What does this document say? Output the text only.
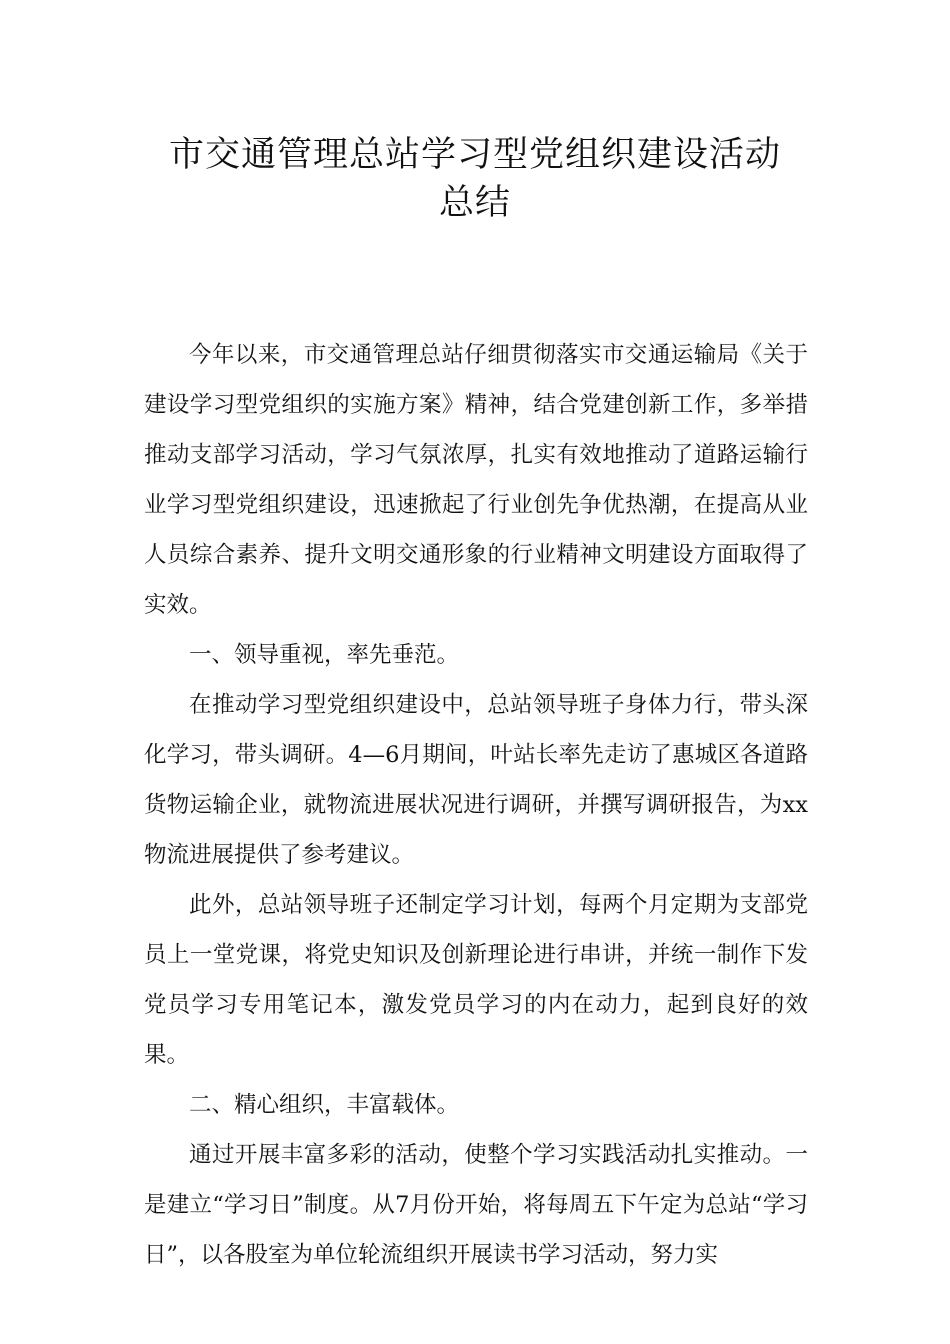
市交通管理总站学习型党组织建设活动
总结

今年以来，市交通管理总站仔细贯彻落实市交通运输局《关于建设学习型党组织的实施方案》精神，结合党建创新工作，多举措推动支部学习活动，学习气氛浓厚，扎实有效地推动了道路运输行业学习型党组织建设，迅速掀起了行业创先争优热潮，在提高从业人员综合素养、提升文明交通形象的行业精神文明建设方面取得了实效。

一、领导重视，率先垂范。

在推动学习型党组织建设中，总站领导班子身体力行，带头深化学习，带头调研。4—6月期间，叶站长率先走访了惠城区各道路货物运输企业，就物流进展状况进行调研，并撰写调研报告，为xx物流进展提供了参考建议。

此外，总站领导班子还制定学习计划，每两个月定期为支部党员上一堂党课，将党史知识及创新理论进行串讲，并统一制作下发党员学习专用笔记本，激发党员学习的内在动力，起到良好的效果。

二、精心组织，丰富载体。

通过开展丰富多彩的活动，使整个学习实践活动扎实推动。一是建立“学习日”制度。从7月份开始，将每周五下午定为总站“学习日”，以各股室为单位轮流组织开展读书学习活动，努力实
